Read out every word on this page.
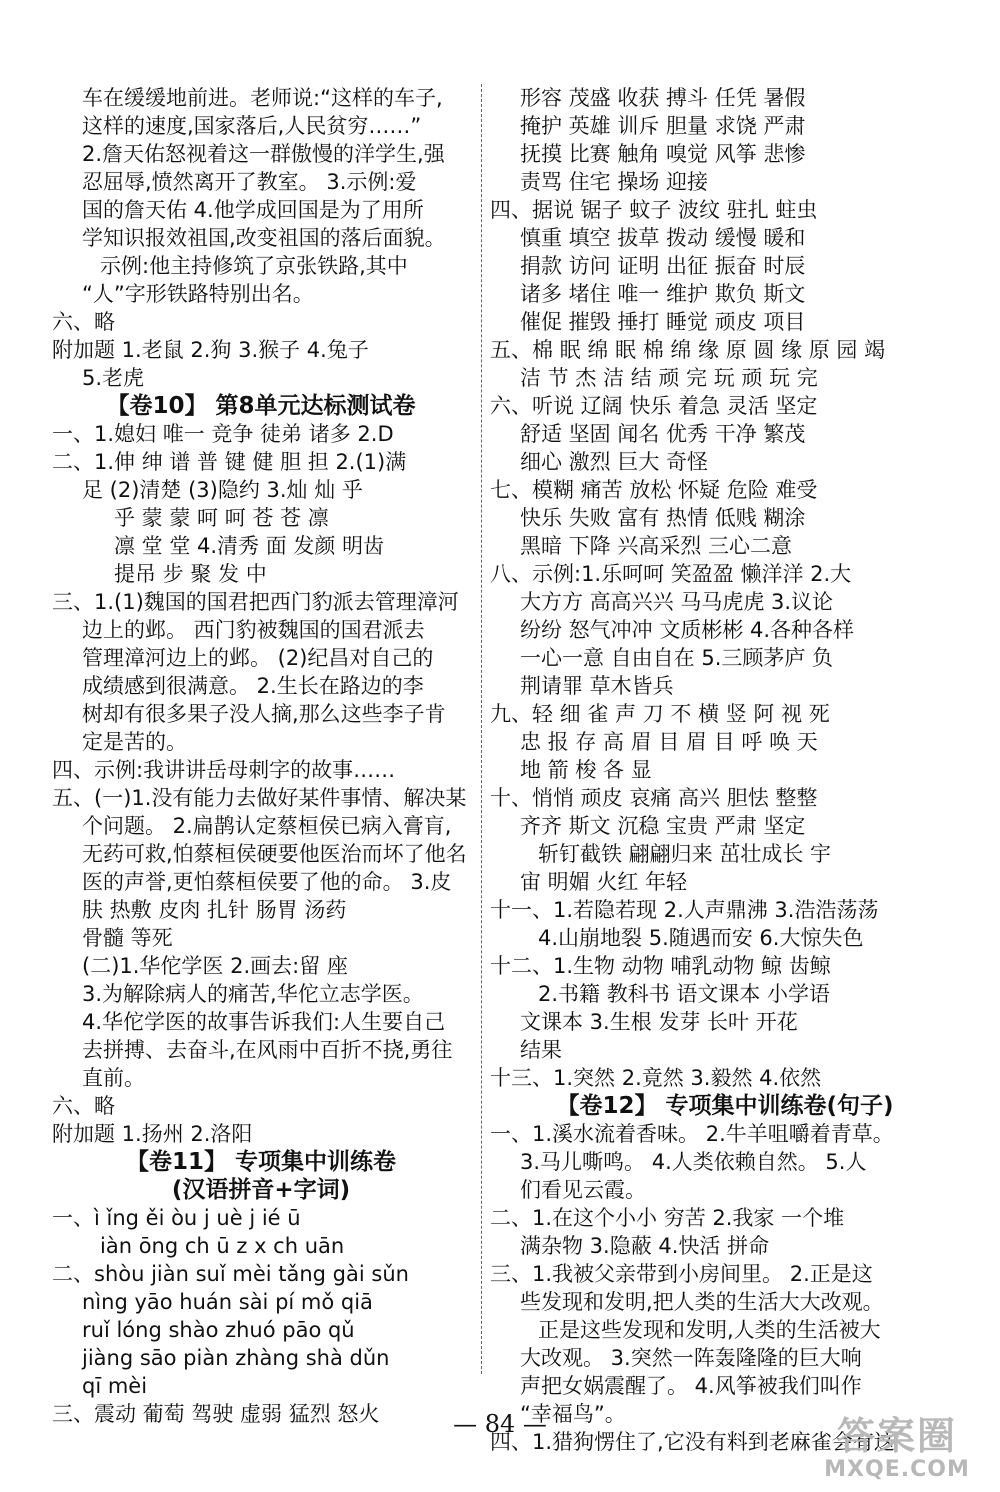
车在缓缓地前进。老师说:“这样的车子,
这样的速度,国家落后,人民贫穷……”
2.詹天佑怒视着这一群傲慢的洋学生,强
忍屈辱,愤然离开了教室。 3.示例:爱
国的詹天佑 4.他学成回国是为了用所
学知识报效祖国,改变祖国的落后面貌。
示例:他主持修筑了京张铁路,其中
“人”字形铁路特别出名。
六、略
附加题 1.老鼠 2.狗 3.猴子 4.兔子
5.老虎
【卷10】 第8单元达标测试卷
一、1.媳妇 唯一 竞争 徒弟 诸多 2.D
二、1.伸 绅 谱 普 键 健 胆 担 2.(1)满
足 (2)清楚 (3)隐约 3.灿 灿 乎
乎 蒙 蒙 呵 呵 苍 苍 凛
凛 堂 堂 4.清秀 面 发颜 明齿
提吊 步 聚 发 中
三、1.(1)魏国的国君把西门豹派去管理漳河
边上的邺。 西门豹被魏国的国君派去
管理漳河边上的邺。 (2)纪昌对自己的
成绩感到很满意。 2.生长在路边的李
树却有很多果子没人摘,那么这些李子肯
定是苦的。
四、示例:我讲讲岳母刺字的故事……
五、(一)1.没有能力去做好某件事情、解决某
个问题。 2.扁鹊认定蔡桓侯已病入膏肓,
无药可救,怕蔡桓侯硬要他医治而坏了他名
医的声誉,更怕蔡桓侯要了他的命。 3.皮
肤 热敷 皮肉 扎针 肠胃 汤药
骨髓 等死
(二)1.华佗学医 2.画去:留 座
3.为解除病人的痛苦,华佗立志学医。
4.华佗学医的故事告诉我们:人生要自己
去拼搏、去奋斗,在风雨中百折不挠,勇往
直前。
六、略
附加题 1.扬州 2.洛阳
【卷11】 专项集中训练卷
(汉语拼音+字词)
一、ì ǐng ěi òu j uè j ié ū
iàn ōng ch ū z x ch uān
二、shòu jiàn suǐ mèi tǎng gài sǔn
nìng yāo huán sài pí mǒ qiā
ruǐ lóng shào zhuó pāo qǔ
jiàng sāo piàn zhàng shà dǔn
qī mèi
三、震动 葡萄 驾驶 虚弱 猛烈 怒火
形容 茂盛 收获 搏斗 任凭 暑假
掩护 英雄 训斥 胆量 求饶 严肃
抚摸 比赛 触角 嗅觉 风筝 悲惨
责骂 住宅 操场 迎接
四、据说 锯子 蚊子 波纹 驻扎 蛀虫
慎重 填空 拔草 拨动 缓慢 暖和
捐款 访问 证明 出征 振奋 时辰
诸多 堵住 唯一 维护 欺负 斯文
催促 摧毁 捶打 睡觉 顽皮 项目
五、棉 眠 绵 眠 棉 绵 缘 原 圆 缘 原 园 竭
洁 节 杰 洁 结 顽 完 玩 顽 玩 完
六、听说 辽阔 快乐 着急 灵活 坚定
舒适 坚固 闻名 优秀 干净 繁茂
细心 激烈 巨大 奇怪
七、模糊 痛苦 放松 怀疑 危险 难受
快乐 失败 富有 热情 低贱 糊涂
黑暗 下降 兴高采烈 三心二意
八、示例:1.乐呵呵 笑盈盈 懒洋洋 2.大
大方方 高高兴兴 马马虎虎 3.议论
纷纷 怒气冲冲 文质彬彬 4.各种各样
一心一意 自由自在 5.三顾茅庐 负
荆请罪 草木皆兵
九、轻 细 雀 声 刀 不 横 竖 阿 视 死
忠 报 存 高 眉 目 眉 目 呼 唤 天
地 箭 梭 各 显
十、悄悄 顽皮 哀痛 高兴 胆怯 整整
齐齐 斯文 沉稳 宝贵 严肃 坚定
斩钉截铁 翩翩归来 茁壮成长 宇
宙 明媚 火红 年轻
十一、1.若隐若现 2.人声鼎沸 3.浩浩荡荡
4.山崩地裂 5.随遇而安 6.大惊失色
十二、1.生物 动物 哺乳动物 鲸 齿鲸
2.书籍 教科书 语文课本 小学语
文课本 3.生根 发芽 长叶 开花
结果
十三、1.突然 2.竟然 3.毅然 4.依然
【卷12】 专项集中训练卷(句子)
一、1.溪水流着香味。 2.牛羊咀嚼着青草。
3.马儿嘶鸣。 4.人类依赖自然。 5.人
们看见云霞。
二、1.在这个小小 穷苦 2.我家 一个堆
满杂物 3.隐蔽 4.快活 拼命
三、1.我被父亲带到小房间里。 2.正是这
些发现和发明,把人类的生活大大改观。
正是这些发现和发明,人类的生活被大
大改观。 3.突然一阵轰隆隆的巨大响
声把女娲震醒了。 4.风筝被我们叫作
“幸福鸟”。
四、1.猎狗愣住了,它没有料到老麻雀会有这
— 84 —	答案圈
MXQE.COM
